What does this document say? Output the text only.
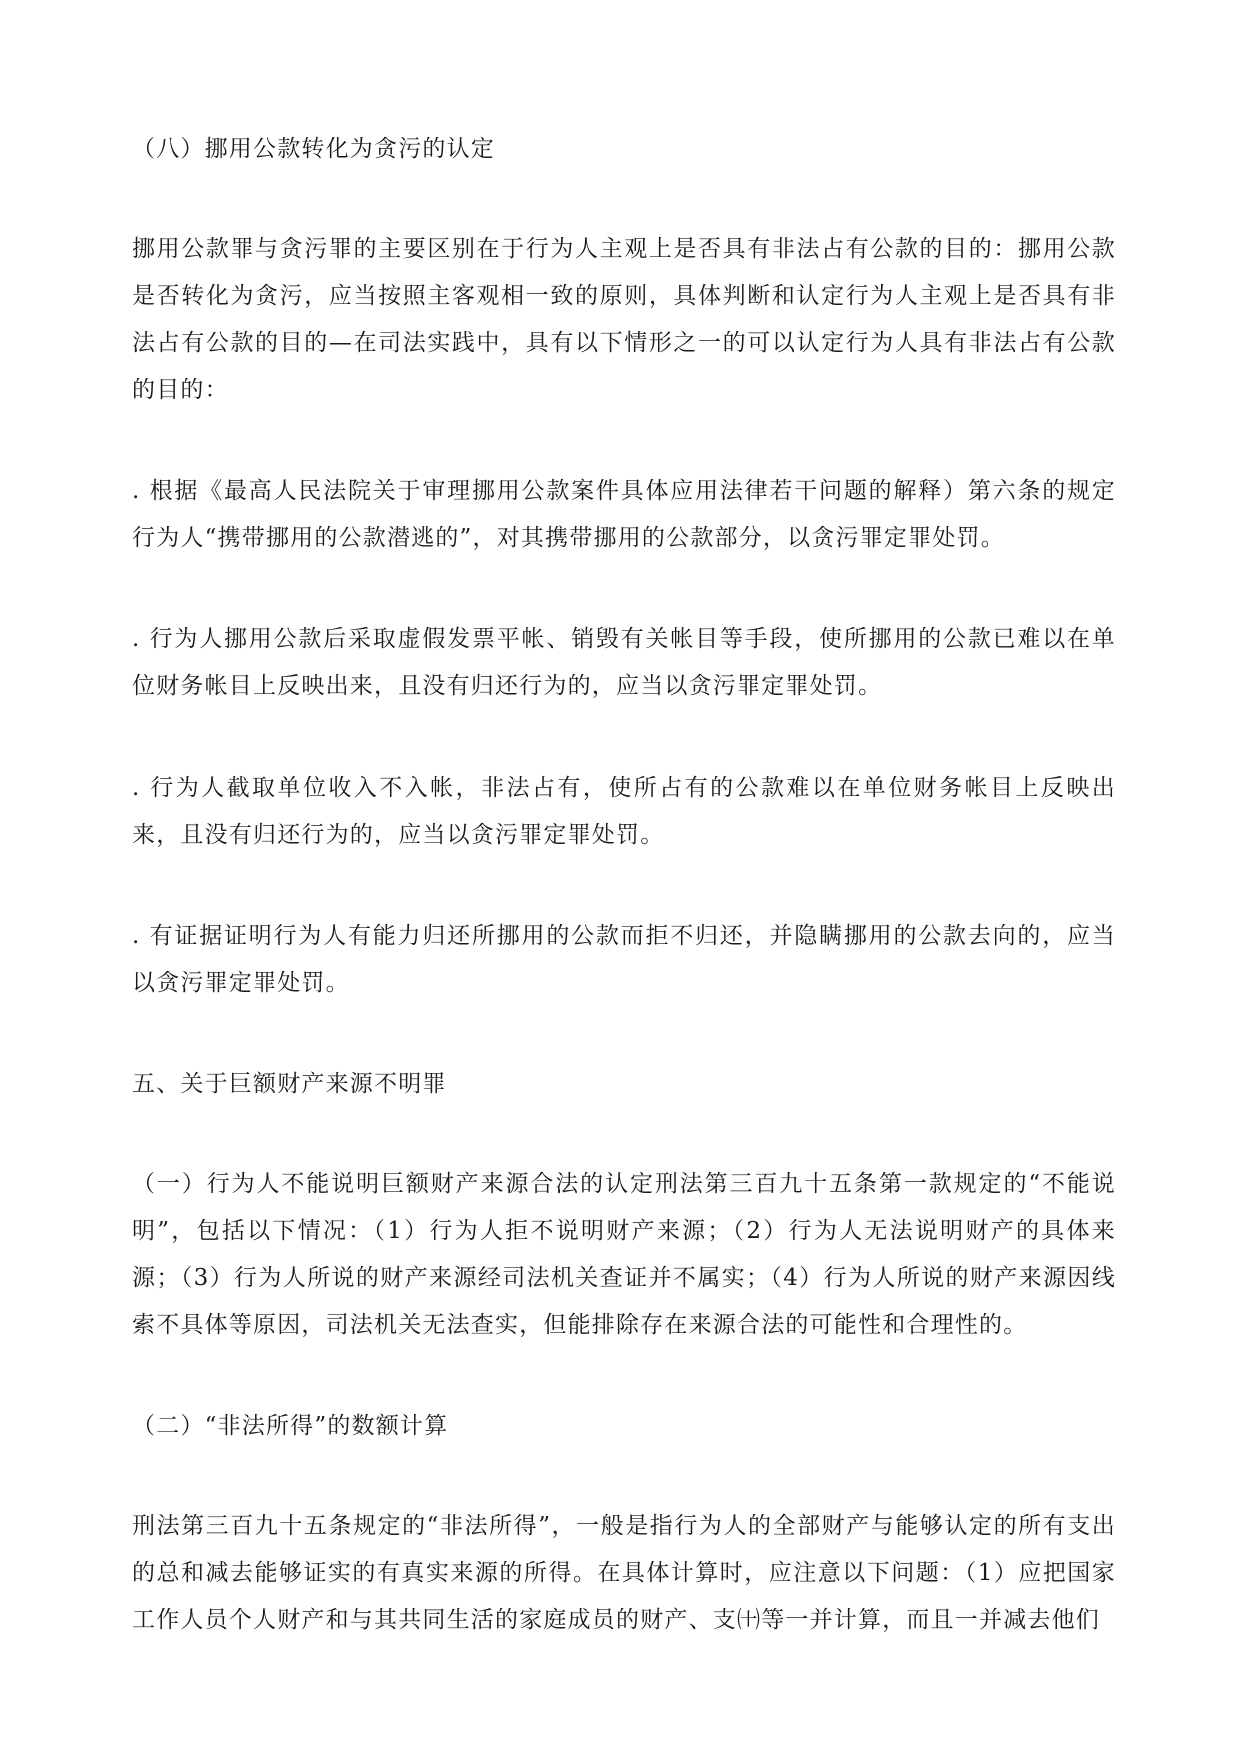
（八）挪用公款转化为贪污的认定

挪用公款罪与贪污罪的主要区别在于行为人主观上是否具有非法占有公款的目的：挪用公款是否转化为贪污，应当按照主客观相一致的原则，具体判断和认定行为人主观上是否具有非法占有公款的目的—在司法实践中，具有以下情形之一的可以认定行为人具有非法占有公款的目的：

. 根据《最高人民法院关于审理挪用公款案件具体应用法律若干问题的解释）第六条的规定行为人“携带挪用的公款潜逃的”，对其携带挪用的公款部分，以贪污罪定罪处罚。

. 行为人挪用公款后采取虚假发票平帐、销毁有关帐目等手段，使所挪用的公款已难以在单位财务帐目上反映出来，且没有归还行为的，应当以贪污罪定罪处罚。

. 行为人截取单位收入不入帐，非法占有，使所占有的公款难以在单位财务帐目上反映出来，且没有归还行为的，应当以贪污罪定罪处罚。

. 有证据证明行为人有能力归还所挪用的公款而拒不归还，并隐瞒挪用的公款去向的，应当以贪污罪定罪处罚。

五、关于巨额财产来源不明罪

（一）行为人不能说明巨额财产来源合法的认定刑法第三百九十五条第一款规定的“不能说明”，包括以下情况：（1）行为人拒不说明财产来源；（2）行为人无法说明财产的具体来源；（3）行为人所说的财产来源经司法机关查证并不属实；（4）行为人所说的财产来源因线索不具体等原因，司法机关无法查实，但能排除存在来源合法的可能性和合理性的。

（二）“非法所得”的数额计算

刑法第三百九十五条规定的“非法所得”，一般是指行为人的全部财产与能够认定的所有支出的总和减去能够证实的有真实来源的所得。在具体计算时，应注意以下问题：（1）应把国家工作人员个人财产和与其共同生活的家庭成员的财产、支㈩等一并计算，而且一并减去他们
